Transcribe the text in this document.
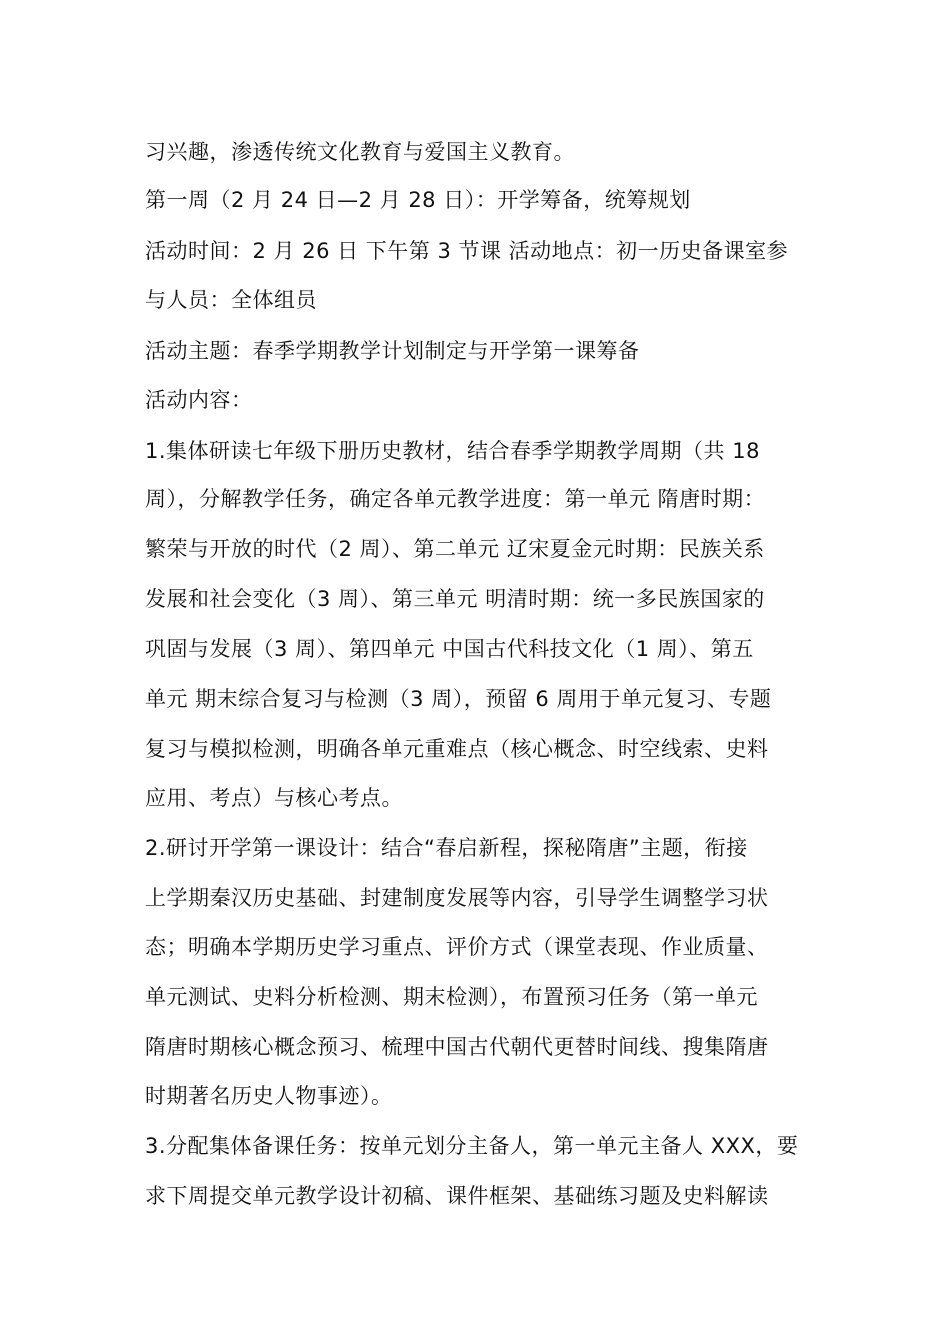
习兴趣，渗透传统文化教育与爱国主义教育。
第一周（2 月 24 日—2 月 28 日）：开学筹备，统筹规划
活动时间：2 月 26 日 下午第 3 节课 活动地点：初一历史备课室参
与人员：全体组员
活动主题：春季学期教学计划制定与开学第一课筹备
活动内容：
1.集体研读七年级下册历史教材，结合春季学期教学周期（共 18
周），分解教学任务，确定各单元教学进度：第一单元 隋唐时期：
繁荣与开放的时代（2 周）、第二单元 辽宋夏金元时期：民族关系
发展和社会变化（3 周）、第三单元 明清时期：统一多民族国家的
巩固与发展（3 周）、第四单元 中国古代科技文化（1 周）、第五
单元 期末综合复习与检测（3 周），预留 6 周用于单元复习、专题
复习与模拟检测，明确各单元重难点（核心概念、时空线索、史料
应用、考点）与核心考点。
2.研讨开学第一课设计：结合“春启新程，探秘隋唐”主题，衔接
上学期秦汉历史基础、封建制度发展等内容，引导学生调整学习状
态；明确本学期历史学习重点、评价方式（课堂表现、作业质量、
单元测试、史料分析检测、期末检测），布置预习任务（第一单元
隋唐时期核心概念预习、梳理中国古代朝代更替时间线、搜集隋唐
时期著名历史人物事迹）。
3.分配集体备课任务：按单元划分主备人，第一单元主备人 XXX，要
求下周提交单元教学设计初稿、课件框架、基础练习题及史料解读
